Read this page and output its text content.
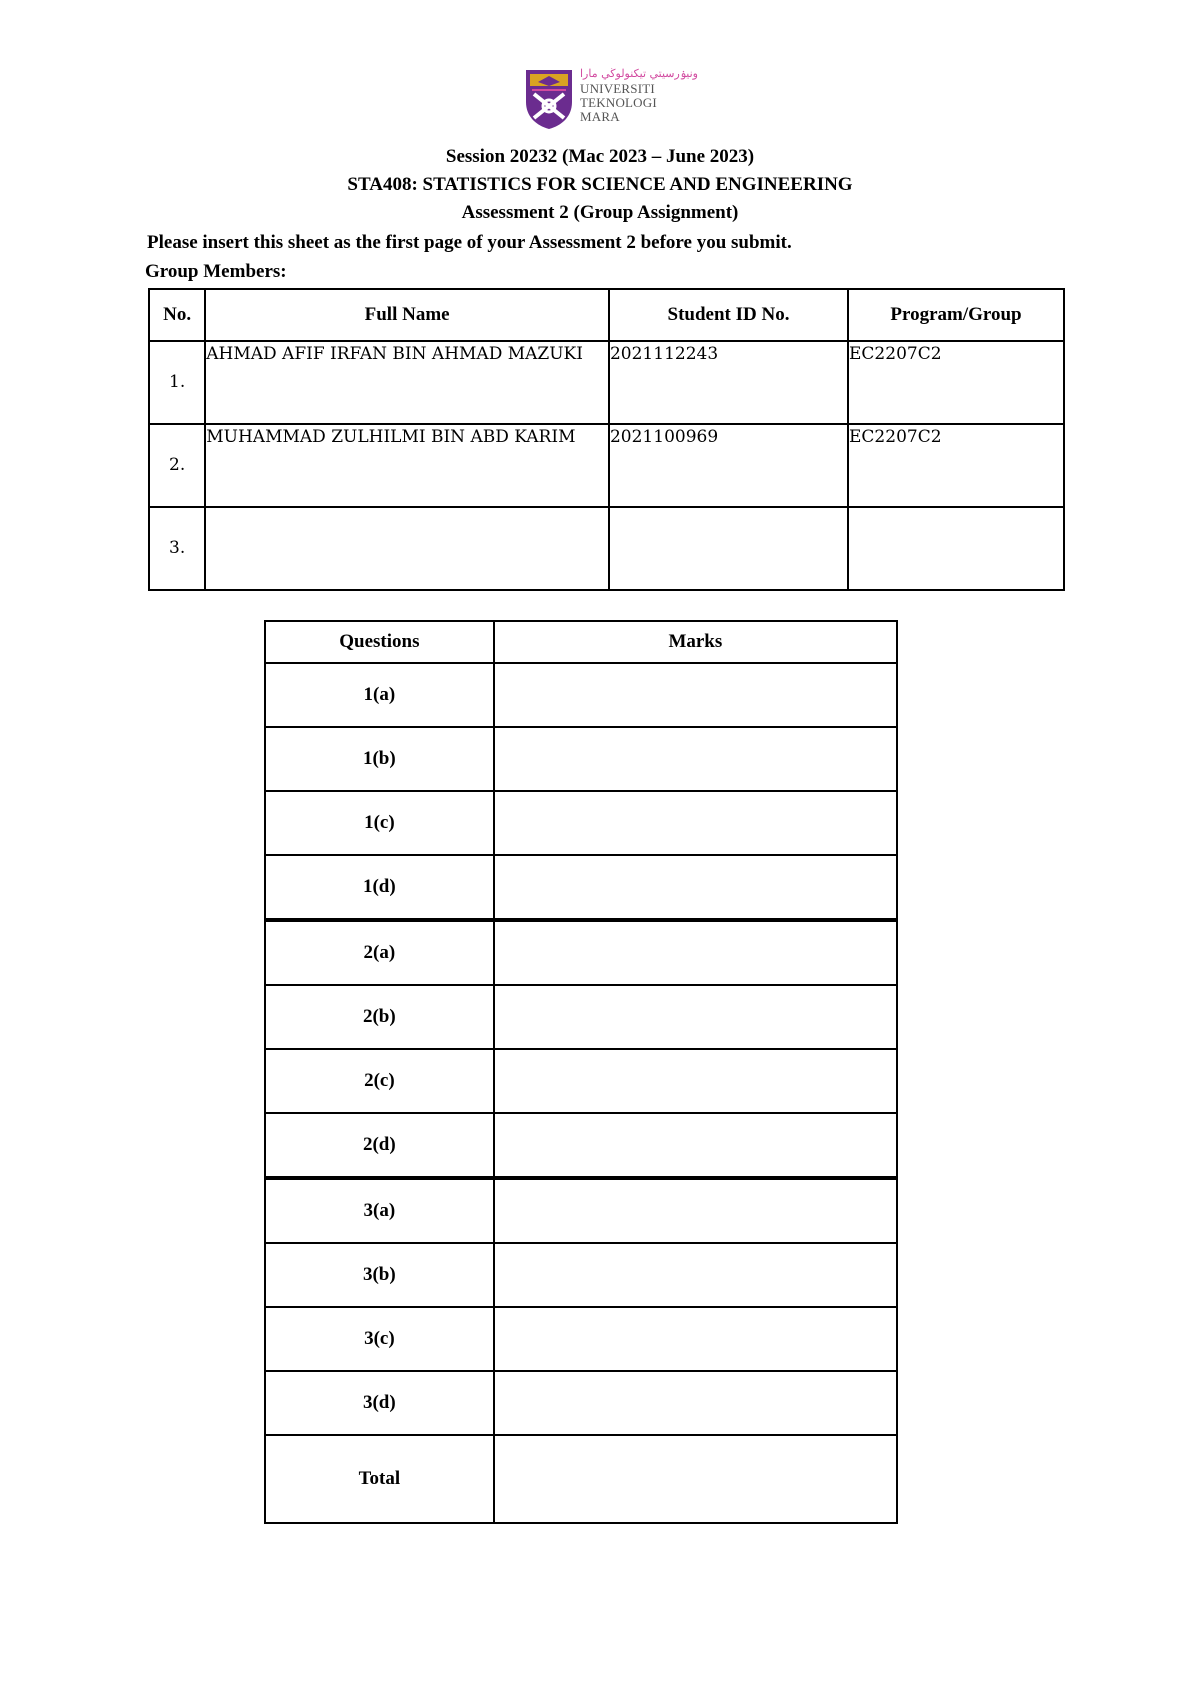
ونيۏرسيتي تيكنولوڬي مارا
UNIVERSITI
TEKNOLOGI
MARA
Session 20232 (Mac 2023 – June 2023)
STA408: STATISTICS FOR SCIENCE AND ENGINEERING
Assessment 2 (Group Assignment)
Please insert this sheet as the first page of your Assessment 2 before you submit.
Group Members:
No.	Full Name	Student ID No.	Program/Group
1.	AHMAD AFIF IRFAN BIN AHMAD MAZUKI	2021112243	EC2207C2
2.	MUHAMMAD ZULHILMI BIN ABD KARIM	2021100969	EC2207C2
3.			
Questions	Marks
1(a)	
1(b)	
1(c)	
1(d)	
2(a)	
2(b)	
2(c)	
2(d)	
3(a)	
3(b)	
3(c)	
3(d)	
Total	
